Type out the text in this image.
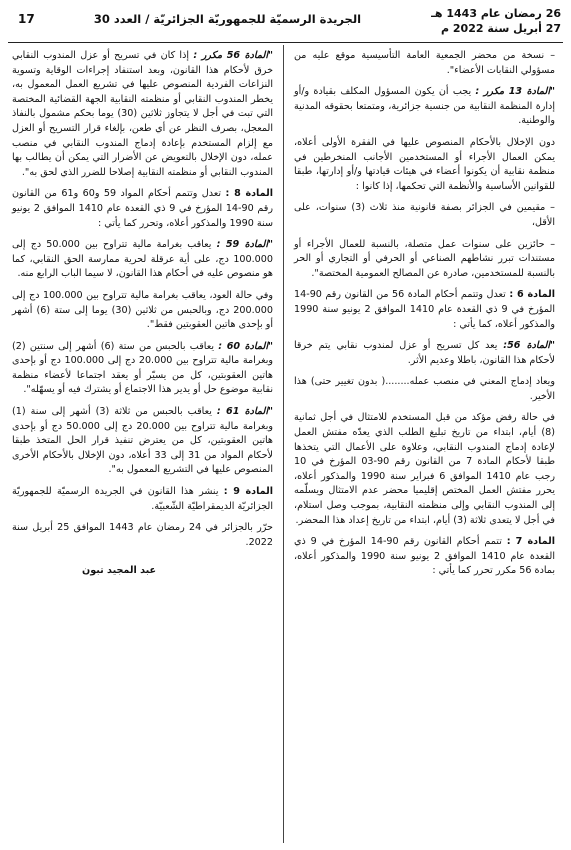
17	الجريدة الرسميّة للجمهوريّة الجزائريّة / العدد 30	26 رمضان عام 1443 هـ
27 أبريل سنة 2022 م

"المادة 56 مكرر : إذا كان في تسريح أو عزل المندوب النقابي خرق لأحكام هذا القانون، وبعد استنفاد إجراءات الوقاية وتسوية النزاعات الفردية المنصوص عليها في تشريع العمل المعمول به، يخطر المندوب النقابي أو منظمته النقابية الجهة القضائية المختصة التي تبت في أجل لا يتجاوز ثلاثين (30) يوما بحكم مشمول بالنفاذ المعجل، بصرف النظر عن أي طعن، بإلغاء قرار التسريح أو العزل مع إلزام المستخدم بإعادة إدماج المندوب النقابي في منصب عمله، دون الإخلال بالتعويض عن الأضرار التي يمكن أن يطالب بها المندوب النقابي أو منظمته النقابية إصلاحا للضرر الذي لحق به".

المادة 8 : تعدل وتتمم أحكام المواد 59 و60 و61 من القانون رقم 90-14 المؤرخ في 9 ذي القعدة عام 1410 الموافق 2 يونيو سنة 1990 والمذكور أعلاه، وتحرر كما يأتي :

"المادة 59 : يعاقب بغرامة مالية تتراوح بين 50.000 دج إلى 100.000 دج، على أية عرقلة لحرية ممارسة الحق النقابي، كما هو منصوص عليه في أحكام هذا القانون، لا سيما الباب الرابع منه.

وفي حالة العود، يعاقب بغرامة مالية تتراوح بين 100.000 دج إلى 200.000 دج، وبالحبس من ثلاثين (30) يوما إلى ستة (6) أشهر أو بإحدى هاتين العقوبتين فقط".

"المادة 60 : يعاقب بالحبس من ستة (6) أشهر إلى سنتين (2) وبغرامة مالية تتراوح بين 20.000 دج إلى 100.000 دج أو بإحدى هاتين العقوبتين، كل من يسيّر أو يعقد اجتماعا لأعضاء منظمة نقابية موضوع حل أو يدير هذا الاجتماع أو يشترك فيه أو يسهّله".

"المادة 61 : يعاقب بالحبس من ثلاثة (3) أشهر إلى سنة (1) وبغرامة مالية تتراوح بين 20.000 دج إلى 50.000 دج أو بإحدى هاتين العقوبتين، كل من يعترض تنفيذ قرار الحل المتخذ طبقا لأحكام المواد من 31 إلى 33 أعلاه، دون الإخلال بالأحكام الأخرى المنصوص عليها في التشريع المعمول به".

المادة 9 : ينشر هذا القانون في الجريدة الرسميّة للجمهوريّة الجزائريّة الديمقراطيّة الشّعبيّة.

حرّر بالجزائر في 24 رمضان عام 1443 الموافق 25 أبريل سنة 2022.

عبد المجيد تبون

– نسخة من محضر الجمعية العامة التأسيسية موقع عليه من مسؤولي النقابات الأعضاء".

"المادة 13 مكرر : يجب أن يكون المسؤول المكلف بقيادة و/أو إدارة المنظمة النقابية من جنسية جزائرية، ومتمتعا بحقوقه المدنية والوطنية.

دون الإخلال بالأحكام المنصوص عليها في الفقرة الأولى أعلاه، يمكن العمال الأجراء أو المستخدمين الأجانب المنخرطين في منظمة نقابية أن يكونوا أعضاء في هيئات قيادتها و/أو إدارتها، طبقا للقوانين الأساسية والأنظمة التي تحكمها، إذا كانوا :

– مقيمين في الجزائر بصفة قانونية منذ ثلاث (3) سنوات، على الأقل،

– حائزين على سنوات عمل متصلة، بالنسبة للعمال الأجراء أو مستندات تبرر نشاطهم الصناعي أو الحرفي أو التجاري أو الحر بالنسبة للمستخدمين، صادرة عن المصالح العمومية المختصة".

المادة 6 : تعدل وتتمم أحكام المادة 56 من القانون رقم 90-14 المؤرخ في 9 ذي القعدة عام 1410 الموافق 2 يونيو سنة 1990 والمذكور أعلاه، كما يأتي :

"المادة 56: يعد كل تسريح أو عزل لمندوب نقابي يتم خرقا لأحكام هذا القانون، باطلا وعديم الأثر.

ويعاد إدماج المعني في منصب عمله........( بدون تغيير حتى) هذا الأخير.

في حالة رفض مؤكد من قبل المستخدم للامتثال في أجل ثمانية (8) أيام، ابتداء من تاريخ تبليغ الطلب الذي يعدّه مفتش العمل لإعادة إدماج المندوب النقابي، وعلاوة على الأعمال التي يتخذها طبقا لأحكام المادة 7 من القانون رقم 90-03 المؤرخ في 10 رجب عام 1410 الموافق 6 فبراير سنة 1990 والمذكور أعلاه، يحرر مفتش العمل المختص إقليميا محضر عدم الامتثال ويسلّمه إلى المندوب النقابي وإلى منظمته النقابية، بموجب وصل استلام، في أجل لا يتعدى ثلاثة (3) أيام، ابتداء من تاريخ إعداد هذا المحضر.

المادة 7 : تتمم أحكام القانون رقم 90-14 المؤرخ في 9 ذي القعدة عام 1410 الموافق 2 يونيو سنة 1990 والمذكور أعلاه، بمادة 56 مكرر تحرر كما يأتي :
